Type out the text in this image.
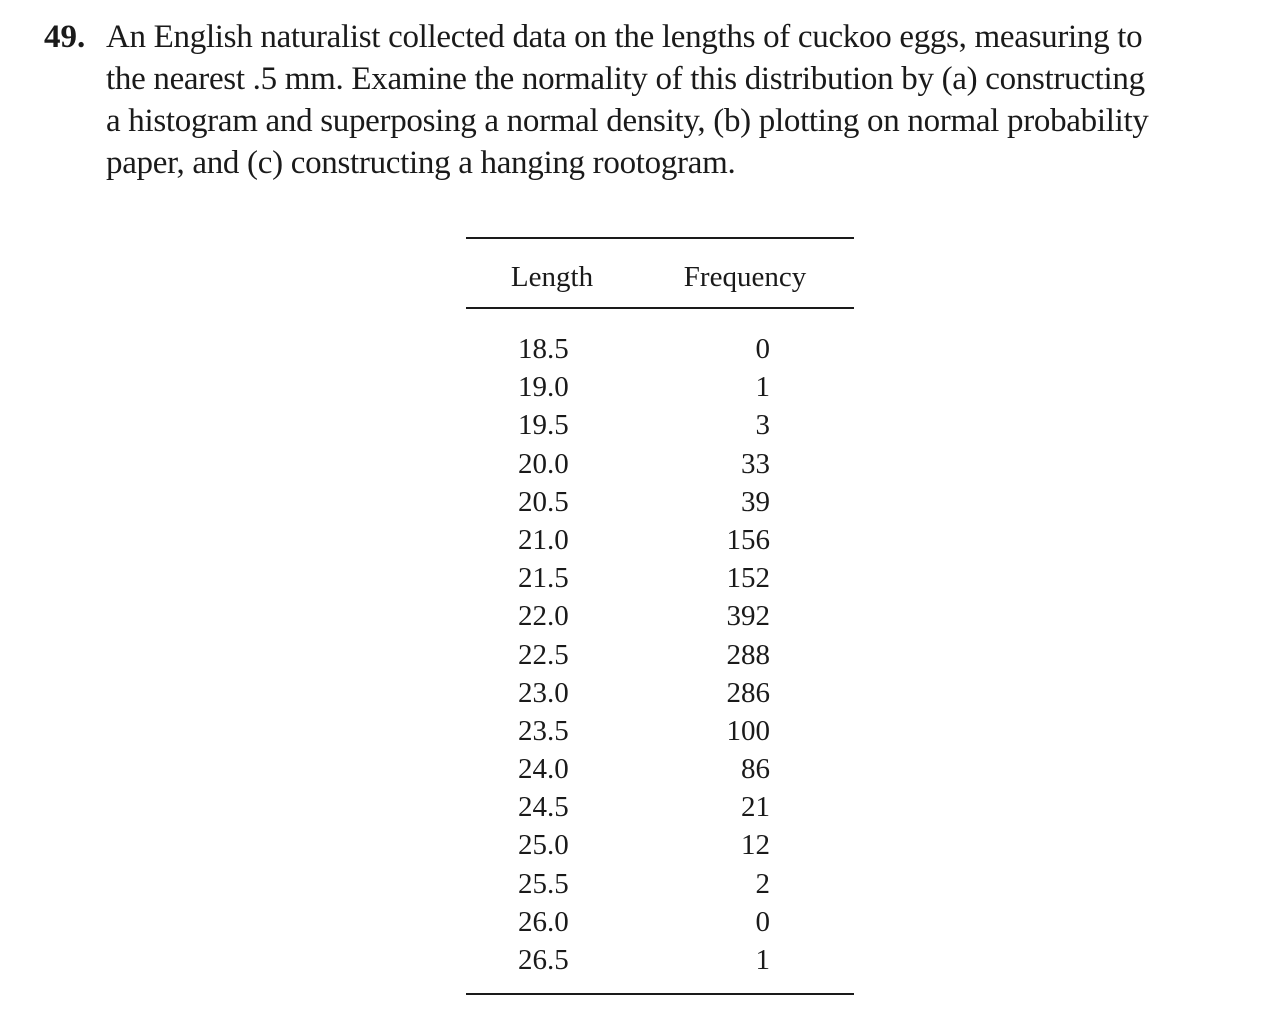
49. An English naturalist collected data on the lengths of cuckoo eggs, measuring to
the nearest .5 mm. Examine the normality of this distribution by (a) constructing
a histogram and superposing a normal density, (b) plotting on normal probability
paper, and (c) constructing a hanging rootogram.
Length	Frequency
18.5	0
19.0	1
19.5	3
20.0	33
20.5	39
21.0	156
21.5	152
22.0	392
22.5	288
23.0	286
23.5	100
24.0	86
24.5	21
25.0	12
25.5	2
26.0	0
26.5	1
